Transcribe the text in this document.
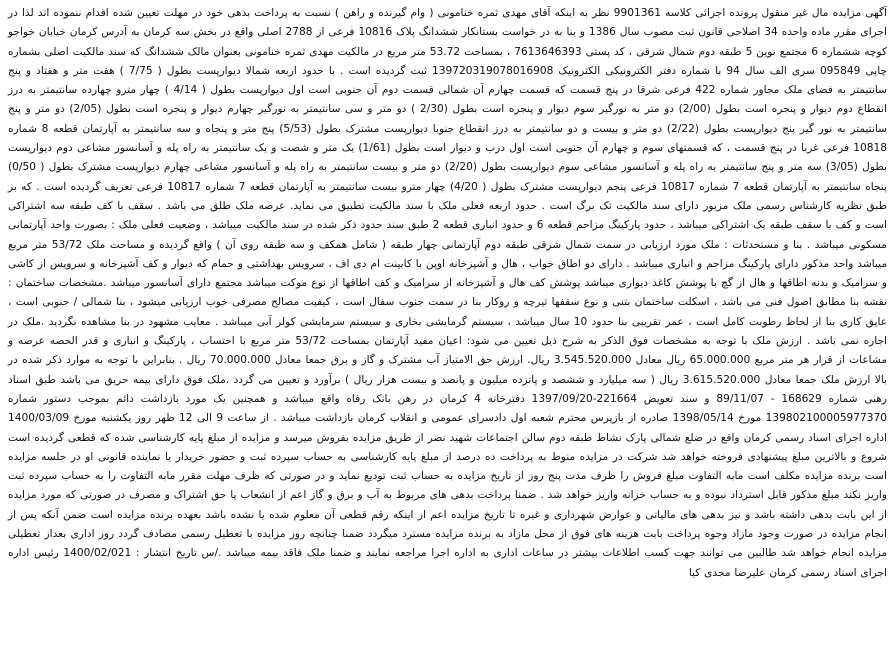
آگهی مزایده مال غیر منقول پرونده اجرائی کلاسه 9901361 نظر به اینکه آقای مهدی ثمره خنامونی ( وام گیرنده و راهن ) نسبت به پرداخت بدهی خود در مهلت تعیین شده اقدام ننموده اند لذا در اجرای مقرر ماده واحده 34 اصلاحی قانون ثبت مصوب سال 1386 و بنا به در خواست بستانکار ششدانگ پلاک 10816 فرعی از 2788 اصلی واقع در بخش سه کرمان به آدرس کرمان خیابان خواجو کوچه ششماره 6 مجتمع نوین 5 طبقه دوم شمال شرقی ، کد پستی 7613646393 ، بمساحت 53.72 متر مربع در مالکیت مهدی ثمره خنامونی بعنوان مالک ششدانگ که سند مالکیت اصلی بشماره چاپی 095849 سری الف سال 94 با شماره دفتر الکترونیکی الکترونیک 139720319078016908 ثبت گردیده است . با حدود اربعه شمالا دیوارپست بطول ( 7/75 ) هفت متر و هفتاد و پنج سانتیمتر به فضای ملک مجاور شماره 422 فرعی شرقا در پنج قسمت که قسمت چهارم آن شمالی قسمت دوم آن جنوبی است اول دیوارپست بطول ( 4/14 ) چهار مترو چهارده سانتیمتر به درز انقطاع دوم دیوار و پنجره است بطول (2/00) دو متر به نورگیر سوم دیوار و پنجره است بطول (2/30 ) دو متر و سی سانتیمتر به نورگیر چهارم دیوار و پنجره است بطول (2/05) دو متر و پنج سانتیمتر به نور گیر پنج دیوارپست بطول (2/22) دو متر و بیست و دو سانتیمتر به درز انقطاع جنوبا دیوارپست مشترک بطول (5/53) پنج متر و پنجاه و سه سانتیمتر به آپارتمان قطعه 8 شماره 10818 فرعی غربا در پنج قسمت ، که قسمتهای سوم و چهارم آن جنوبی است اول درب و دیوار است بطول (1/61) یک متر و شصت و یک سانتیمتر به راه پله و آسانسور مشاعی دوم دیوارپست بطول (3/05) سه متر و پنج سانتیمتر به راه پله و آسانسور مشاعی سوم دیوارپست بطول (2/20) دو متر و بیست سانتیمتر به راه پله و آسانسور مشاعی چهارم دیوارپست مشترک بطول ( 0/50) پنجاه سانتیمتر به آپارتمان قطعه 7 شماره 10817 فرعی پنجم دیوارپست مشترک بطول ( 4/20) چهار مترو بیست سانتیمتر به آپارتمان قطعه 7 شماره 10817 فرعی تعریف گردیده است . که بر طبق نظریه کارشناس رسمی ملک مزبور دارای سند مالکیت تک برگ است . حدود اربعه فعلی ملک با سند مالکیت تطبیق می نماید. عرصه ملک طلق می باشد . سقف با کف طبقه سه اشتراکی است و کف با سقف طبقه یک اشتراکی میباشد ، حدود پارکینگ مزاحم قطعه 6 و حدود انباری قطعه 2 طبق سند حدود ذکر شده در سند مالکیت میباشد ، وضعیت فعلی ملک : بصورت واحد آپارتمانی مسکونی میباشد . بنا و مستحدثات : ملک مورد ارزیابی در سمت شمال شرقی طبقه دوم آپارتمانی چهار طبقه ( شامل همکف و سه طبقه روی آن ) واقع گردیده و مساحت ملک 53/72 متر مربع میباشد واحد مذکور دارای پارکینگ مزاحم و انباری میباشد . دارای دو اطاق خواب ، هال و آشپزخانه اوپن با کابینت ام دی اف ، سرویس بهداشتی و حمام که دیوار و کف آشپزخانه و سرویس از کاشی و سرامیک و بدنه اطاقها و هال از گچ با پوشش کاغذ دیواری میباشد پوشش کف هال و آشپزخانه از سرامیک و کف اطاقها از نوع موکت میباشد مجتمع دارای آسانسور میباشد .مشخصات ساختمان : نقشه بنا مطابق اصول فنی می باشد ، اسکلت ساختمان بتنی و نوع سقفها تیرچه و روکار بنا در سمت جنوب سفال است ، کیفیت مصالح مصرفی خوب ارزیابی میشود ، بنا شمالی / جنوبی است ، عایق کاری بنا از لحاظ رطوبت کامل است ، عمر تقریبی بنا حدود 10 سال میباشد ، سیستم گرمایشی بخاری و سیستم سرمایشی کولر آبی میباشد . معایب مشهود در بنا مشاهده نگردید .ملک در اجاره نمی باشد . ارزش ملک با توجه به مشخصات فوق الذکر به شرح ذیل تعیین می شود: اعیان مفید آپارتمان بمساحت 53/72 متر مربع با احتساب ، پارکینگ و انباری و قدر الحصه عرصه و مشاعات از قرار هر متر مربع 65.000.000 ریال معادل 3.545.520.000 ریال. ارزش حق الامتیاز آب مشترک و گاز و برق جمعا معادل 70.000.000 ریال . بنابراین با توجه به موارد ذکر شده در بالا ارزش ملک جمعا معادل 3.615.520.000 ریال ( سه میلیارد و ششصد و پانزده میلیون و پانصد و بیست هزار ریال ) برآورد و تعیین می گردد .ملک فوق دارای بیمه حریق می باشد طبق اسناد رهنی شماره 168629 - 89/11/07 و سند تعویض 221664-1397/09/20 دفترخانه 4 کرمان در رهن بانک رفاه واقع میباشد و همچنین یک مورد بازداشت دائم بموجب دستور شماره 139802100005977370 مورخ 1398/05/14 صادره از بازپرس محترم شعبه اول دادسرای عمومی و انقلاب کرمان بازداشت میباشد . از ساعت 9 الی 12 ظهر روز یکشنبه مورخ 1400/03/09 اداره اجرای اسناد رسمی کرمان واقع در ضلع شمالی پارک نشاط طبقه دوم سالن اجتماعات شهید نصر از طریق مزایده بفروش میرسد و مزایده از مبلغ پایه کارشناسی شده که قطعی گردیده است شروع و بالاترین مبلغ پیشنهادی فروخته خواهد شد شرکت در مزایده منوط به پرداخت ده درصد از مبلغ پایه کارشناسی به حساب سپرده ثبت و حضور خریدار یا نماینده قانونی او در جلسه مزایده است برنده مزایده مکلف است مابه التفاوت مبلغ فروش را ظرف مدت پنج روز از تاریخ مزایده به حساب ثبت تودیع نماید و در صورتی که ظرف مهلت مقرر مابه التفاوت را به حساب سپرده ثبت واریز نکند مبلغ مذکور قابل استرداد نبوده و به حساب خزانه واریز خواهد شد . ضمنا پرداخت بدهی های مربوط به آب و برق و گاز اعم از انشعاب یا حق اشتراک و مصرف در صورتی که مورد مزایده از این بابت بدهی داشته باشد و نیز بدهی های مالیاتی و عوارض شهرداری و غیره تا تاریخ مزایده اعم از اینکه رقم قطعی آن معلوم شده یا نشده باشد بعهده برنده مزایده است ضمن آنکه پس از انجام مزایده در صورت وجود مازاد وجوه پرداخت بابت هزینه های فوق از محل مازاد به برنده مزایده مسترد میگردد ضمنا چنانچه روز مزایده با تعطیل رسمی مصادف گردد روز اداری بعداز تعطیلی مزایده انجام خواهد شد طالبین می توانند جهت کسب اطلاعات بیشتر در ساعات اداری به اداره اجرا مراجعه نمایند و ضمنا ملک فاقد بیمه میباشد ./س تاریخ انتشار : 1400/02/021 رئیس اداره اجرای اسناد رسمی کرمان علیرضا مجدی کیا
